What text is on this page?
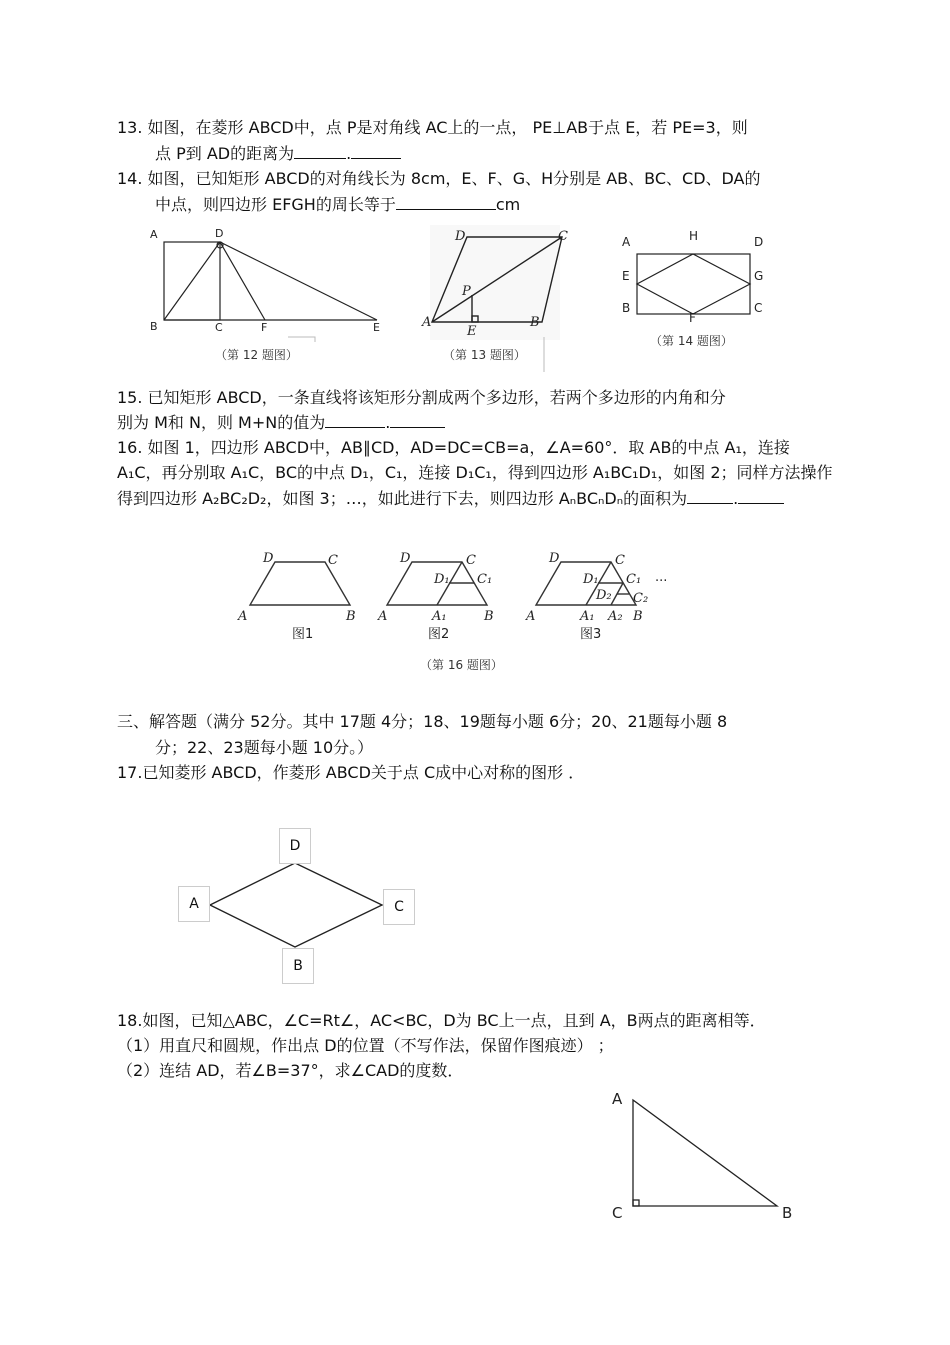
13. 如图，在菱形 ABCD中，点 P是对角线 AC上的一点， PE⊥AB于点 E，若 PE=3，则
点 P到 AD的距离为	.
14. 如图，已知矩形 ABCD的对角线长为 8cm，E、F、G、H分别是 AB、BC、CD、DA的
中点，则四边形 EFGH的周长等于	cm
A	D
B	C	F	E
（第 12 题图）
D	C
P
A
E
B
（第 13 题图）
A	H	D
E	G
B
F
C
（第 14 题图）
15. 已知矩形 ABCD，一条直线将该矩形分割成两个多边形，若两个多边形的内角和分
别为 M和 N，则 M+N的值为	.
16. 如图 1，四边形 ABCD中，AB∥CD，AD=DC=CB=a，∠A=60°．取 AB的中点 A₁，连接
A₁C，再分别取 A₁C，BC的中点 D₁，C₁，连接 D₁C₁，得到四边形 A₁BC₁D₁，如图 2；同样方法操作
得到四边形 A₂BC₂D₂，如图 3；…，如此进行下去，则四边形 AₙBCₙDₙ的面积为	.
A	B
C
D
A	B
C
D
D₁ C₁
A₁	A	B
C
D
D₁ C₁
D₂ C₂
A₁ A₂
···
图1	图2	图3
（第 16 题图）
三、解答题（满分 52分。其中 17题 4分；18、19题每小题 6分；20、21题每小题 8
分；22、23题每小题 10分。）
17.已知菱形 ABCD，作菱形 ABCD关于点 C成中心对称的图形 ．
D
A	C
B
18.如图，已知△ABC，∠C=Rt∠，AC<BC，D为 BC上一点，且到 A，B两点的距离相等．
（1）用直尺和圆规，作出点 D的位置（不写作法，保留作图痕迹） ；
（2）连结 AD，若∠B=37°，求∠CAD的度数．
A
C	B
